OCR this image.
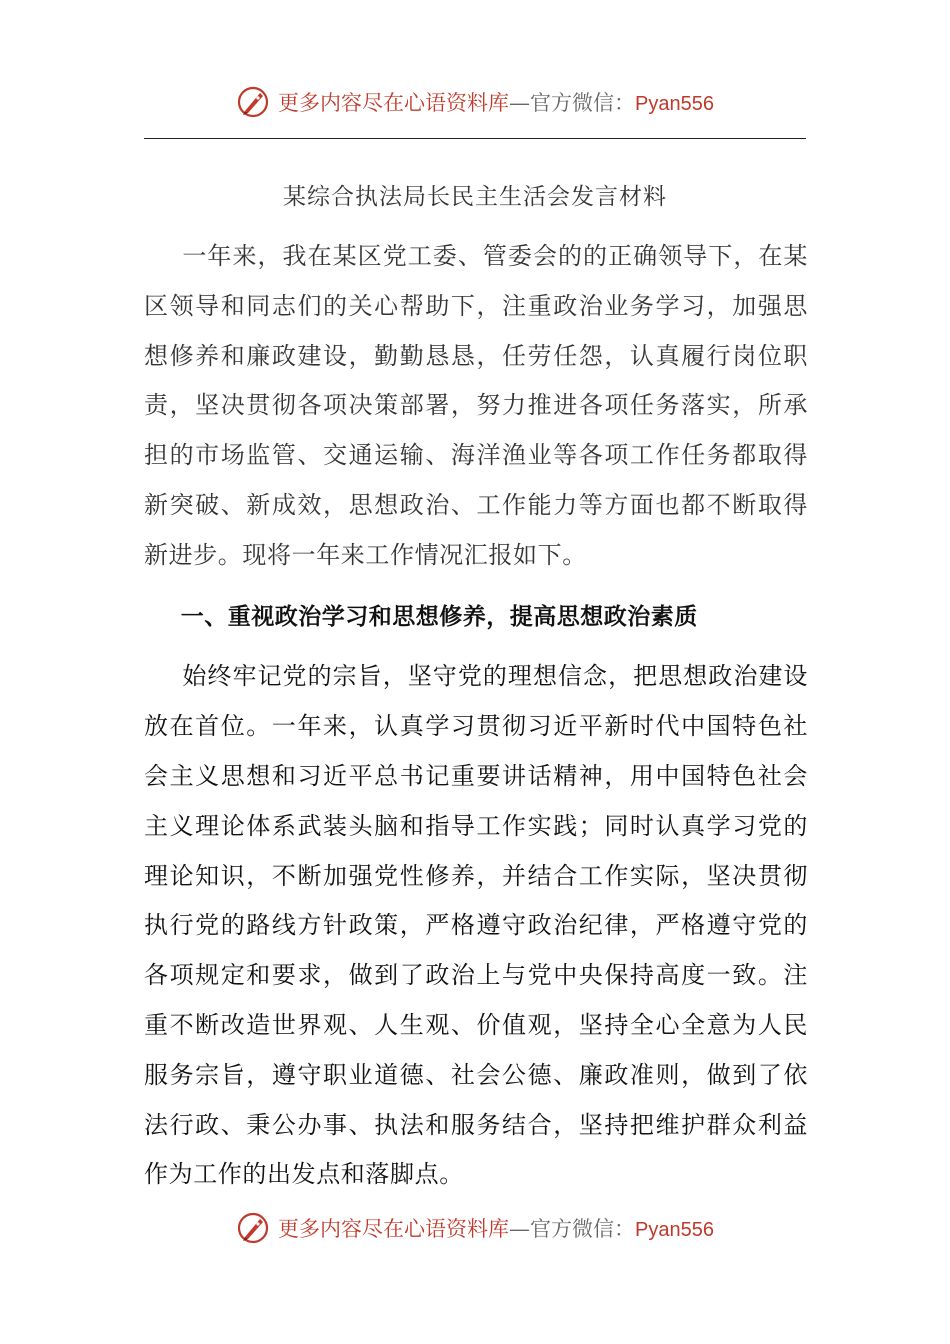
更多内容尽在心语资料库—官方微信：Pyan556
某综合执法局长民主生活会发言材料

一年来，我在某区党工委、管委会的的正确领导下，在某区领导和同志们的关心帮助下，注重政治业务学习，加强思想修养和廉政建设，勤勤恳恳，任劳任怨，认真履行岗位职责，坚决贯彻各项决策部署，努力推进各项任务落实，所承担的市场监管、交通运输、海洋渔业等各项工作任务都取得新突破、新成效，思想政治、工作能力等方面也都不断取得新进步。现将一年来工作情况汇报如下。

一、重视政治学习和思想修养，提高思想政治素质

始终牢记党的宗旨，坚守党的理想信念，把思想政治建设放在首位。一年来，认真学习贯彻习近平新时代中国特色社会主义思想和习近平总书记重要讲话精神，用中国特色社会主义理论体系武装头脑和指导工作实践；同时认真学习党的理论知识，不断加强党性修养，并结合工作实际，坚决贯彻执行党的路线方针政策，严格遵守政治纪律，严格遵守党的各项规定和要求，做到了政治上与党中央保持高度一致。注重不断改造世界观、人生观、价值观，坚持全心全意为人民服务宗旨，遵守职业道德、社会公德、廉政准则，做到了依法行政、秉公办事、执法和服务结合，坚持把维护群众利益作为工作的出发点和落脚点。

更多内容尽在心语资料库—官方微信：Pyan556
